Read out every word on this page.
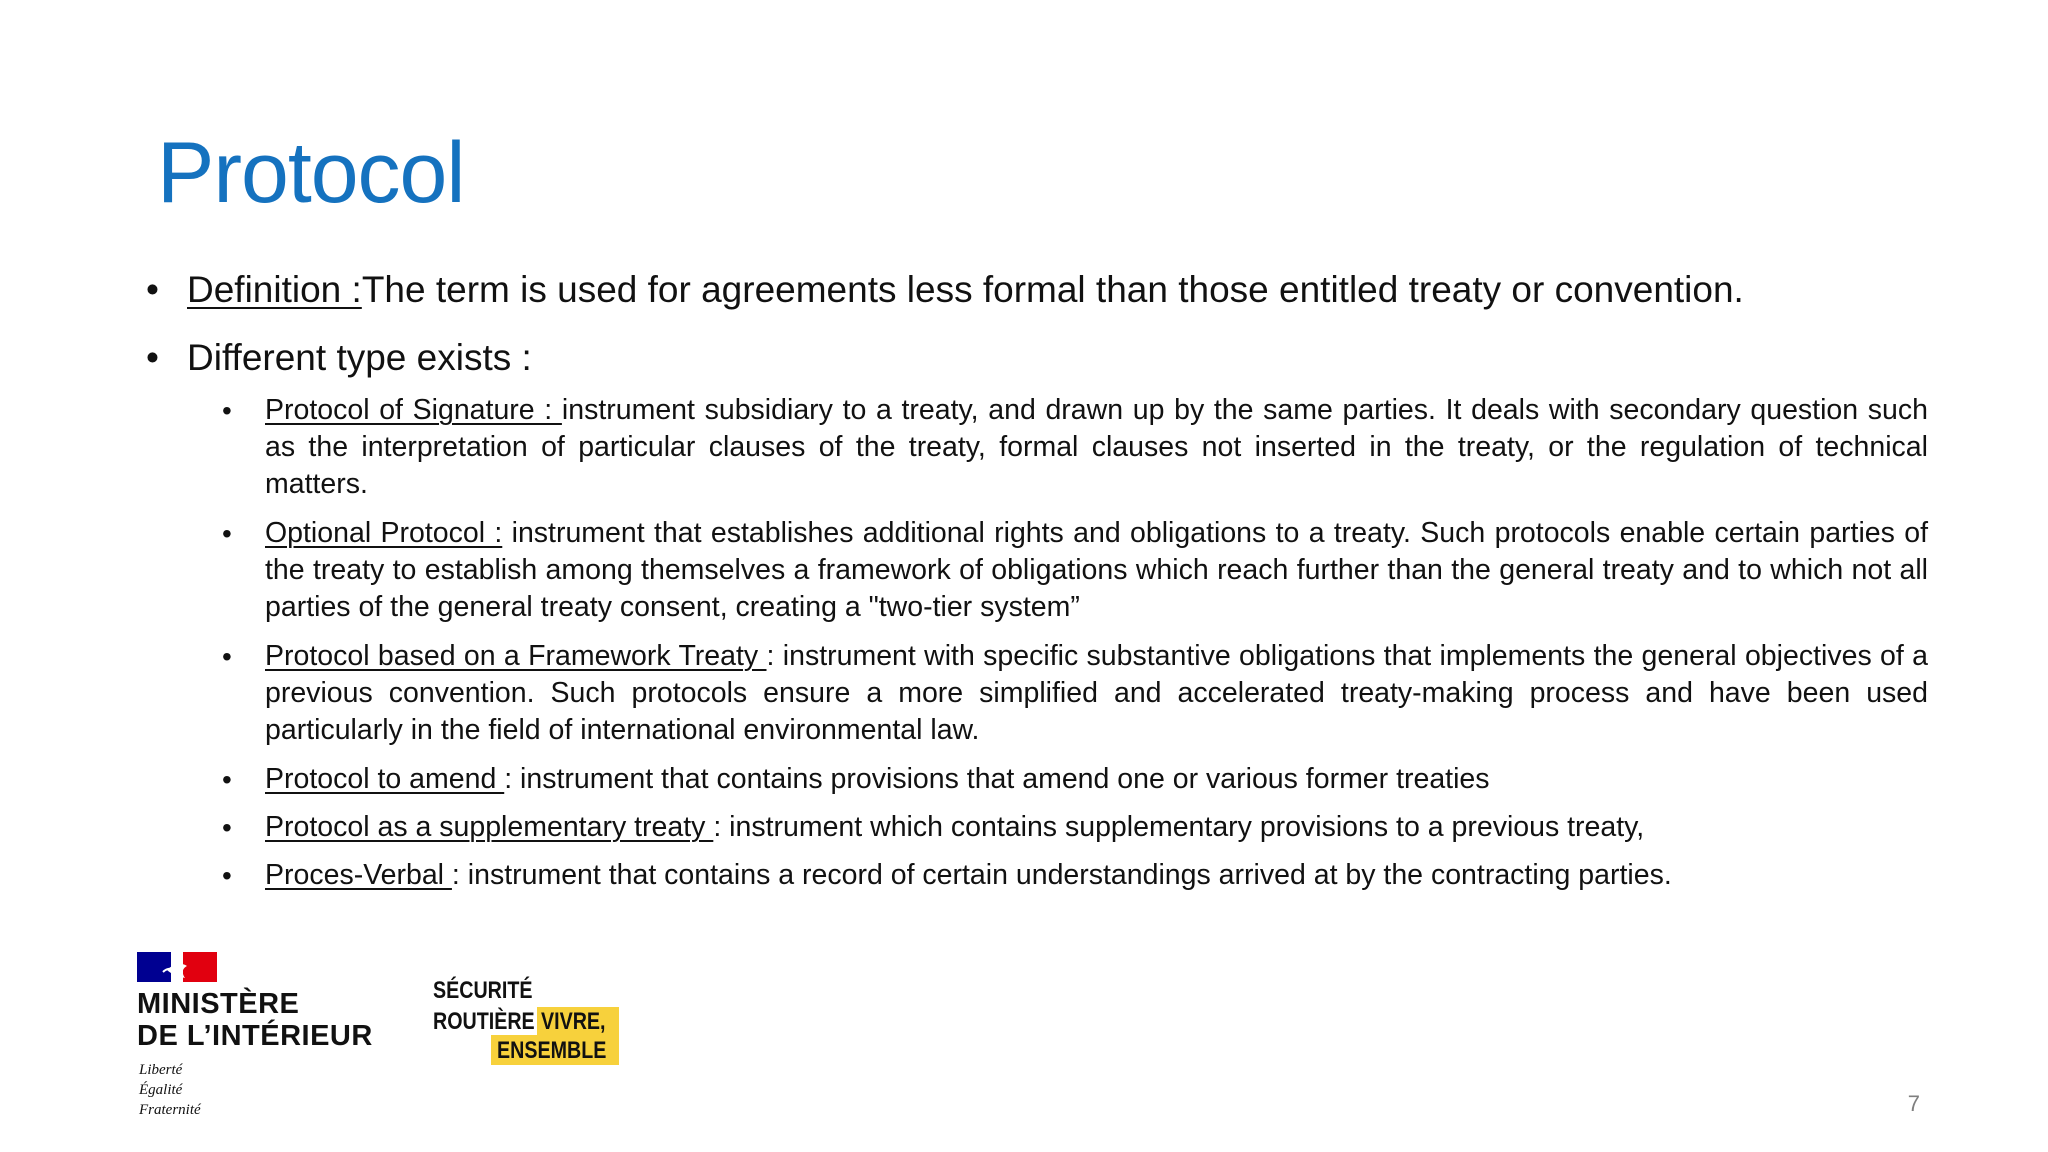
Protocol
• Definition :The term is used for agreements less formal than those entitled treaty or convention.
• Different type exists :
• Protocol of Signature : instrument subsidiary to a treaty, and drawn up by the same parties. It deals with secondary question such as the interpretation of particular clauses of the treaty, formal clauses not inserted in the treaty, or the regulation of technical matters.
• Optional Protocol : instrument that establishes additional rights and obligations to a treaty. Such protocols enable certain parties of the treaty to establish among themselves a framework of obligations which reach further than the general treaty and to which not all parties of the general treaty consent, creating a "two-tier system”
• Protocol based on a Framework Treaty : instrument with specific substantive obligations that implements the general objectives of a previous convention. Such protocols ensure a more simplified and accelerated treaty-making process and have been used particularly in the field of international environmental law.
• Protocol to amend : instrument that contains provisions that amend one or various former treaties
• Protocol as a supplementary treaty : instrument which contains supplementary provisions to a previous treaty,
• Proces-Verbal : instrument that contains a record of certain understandings arrived at by the contracting parties.
MINISTÈRE
DE L’INTÉRIEUR
Liberté
Égalité
Fraternité
SÉCURITÉ
ROUTIÈRE VIVRE,
ENSEMBLE
7
